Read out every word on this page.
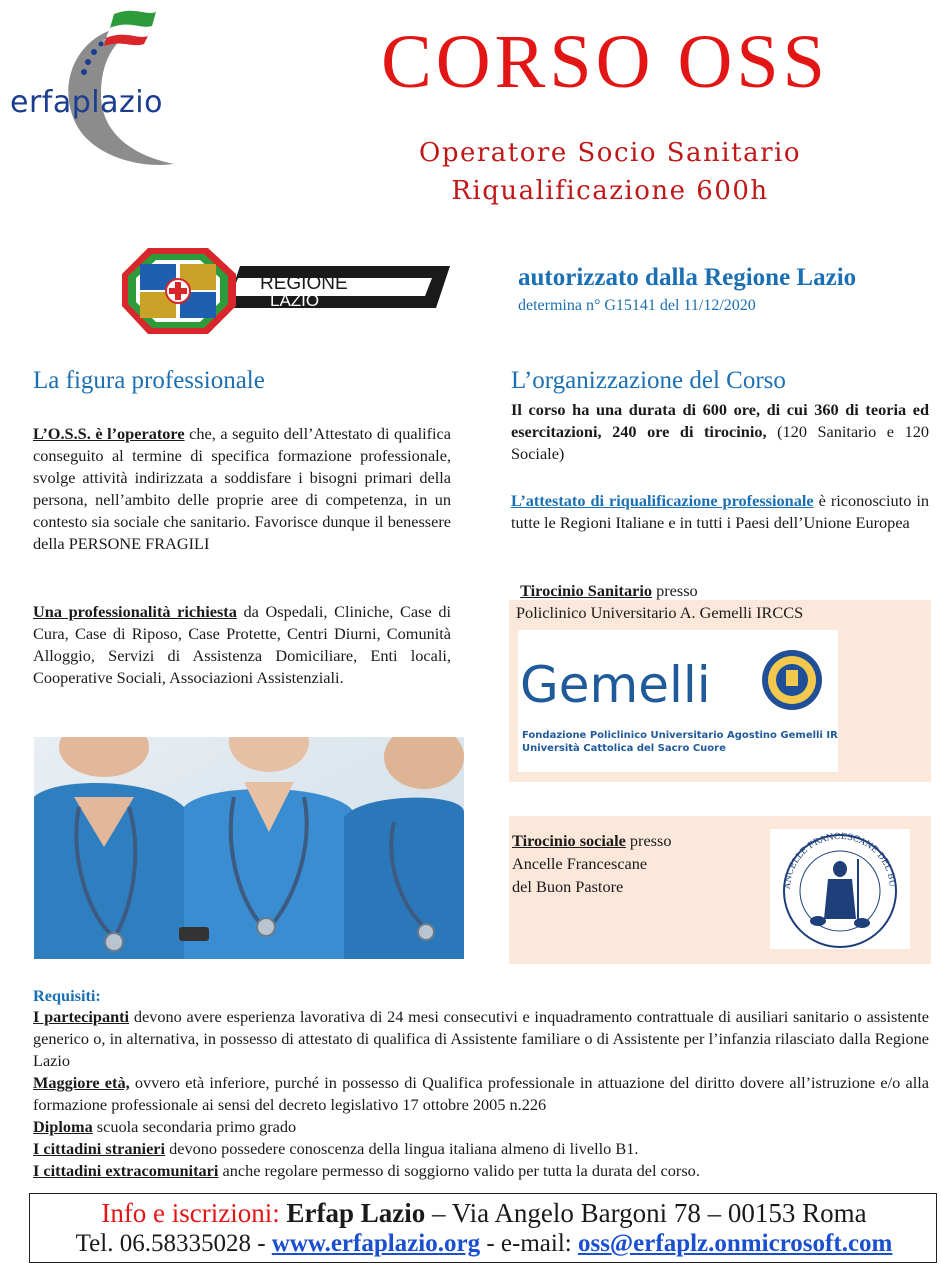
erfaplazio	CORSO OSS
Operatore Socio Sanitario
Riqualificazione 600h
REGIONE
LAZIO
autorizzato dalla Regione Lazio
determina n° G15141 del 11/12/2020
La figura professionale
L’O.S.S. è l’operatore che, a seguito dell’Attestato di qualifica conseguito al termine di specifica formazione professionale, svolge attività indirizzata a soddisfare i bisogni primari della persona, nell’ambito delle proprie aree di competenza, in un contesto sia sociale che sanitario. Favorisce dunque il benessere della PERSONE FRAGILI
Una professionalità richiesta da Ospedali, Cliniche, Case di Cura, Case di Riposo, Case Protette, Centri Diurni, Comunità Alloggio, Servizi di Assistenza Domiciliare, Enti locali, Cooperative Sociali, Associazioni Assistenziali.
L’organizzazione del Corso
Il corso ha una durata di 600 ore, di cui 360 di teoria ed esercitazioni, 240 ore di tirocinio, (120 Sanitario e 120 Sociale)
L’attestato di riqualificazione professionale è riconosciuto in tutte le Regioni Italiane e in tutti i Paesi dell’Unione Europea
Tirocinio Sanitario presso
Policlinico Universitario A. Gemelli IRCCS
Gemelli
Fondazione Policlinico Universitario Agostino Gemelli IRCCS
Università Cattolica del Sacro Cuore
Tirocinio sociale presso
Ancelle Francescane
del Buon Pastore	ANCELLE FRANCESCANE DEL BU
Requisiti:

I partecipanti devono avere esperienza lavorativa di 24 mesi consecutivi e inquadramento contrattuale di ausiliari sanitario o assistente generico o, in alternativa, in possesso di attestato di qualifica di Assistente familiare o di Assistente per l’infanzia rilasciato dalla Regione Lazio

Maggiore età, ovvero età inferiore, purché in possesso di Qualifica professionale in attuazione del diritto dovere all’istruzione e/o alla formazione professionale ai sensi del decreto legislativo 17 ottobre 2005 n.226

Diploma scuola secondaria primo grado

I cittadini stranieri devono possedere conoscenza della lingua italiana almeno di livello B1.

I cittadini extracomunitari anche regolare permesso di soggiorno valido per tutta la durata del corso.

Info e iscrizioni: Erfap Lazio – Via Angelo Bargoni 78 – 00153 Roma
Tel. 06.58335028 - www.erfaplazio.org - e-mail: oss@erfaplz.onmicrosoft.com
